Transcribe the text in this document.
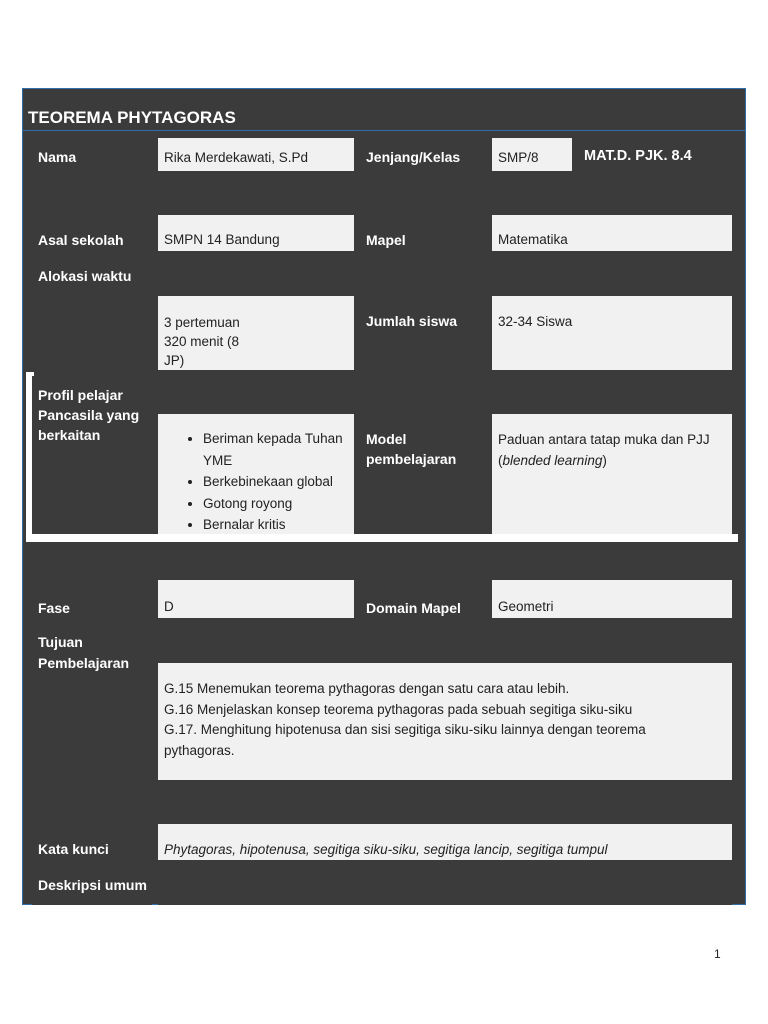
TEOREMA PHYTAGORAS
Nama	Rika Merdekawati, S.Pd	Jenjang/Kelas	SMP/8	MAT.D. PJK. 8.4
Asal sekolah	SMPN 14 Bandung	Mapel	Matematika
Alokasi waktu
3 pertemuan
320 menit (8
JP)
Jumlah siswa	32-34 Siswa
Profil pelajar
Pancasila yang
berkaitan
•	Beriman kepada Tuhan
YME
• Berkebinekaan global
• Gotong royong
• Bernalar kritis
Model
pembelajaran
Paduan antara tatap muka dan PJJ
(blended learning)
Fase	D	Domain Mapel	Geometri
Tujuan
Pembelajaran

G.15 Menemukan teorema pythagoras dengan satu cara atau lebih.

G.16 Menjelaskan konsep teorema pythagoras pada sebuah segitiga siku-siku

G.17. Menghitung hipotenusa dan sisi segitiga siku-siku lainnya dengan teorema

pythagoras.

Kata kunci	Phytagoras, hipotenusa, segitiga siku-siku, segitiga lancip, segitiga tumpul
Deskripsi umum
1
